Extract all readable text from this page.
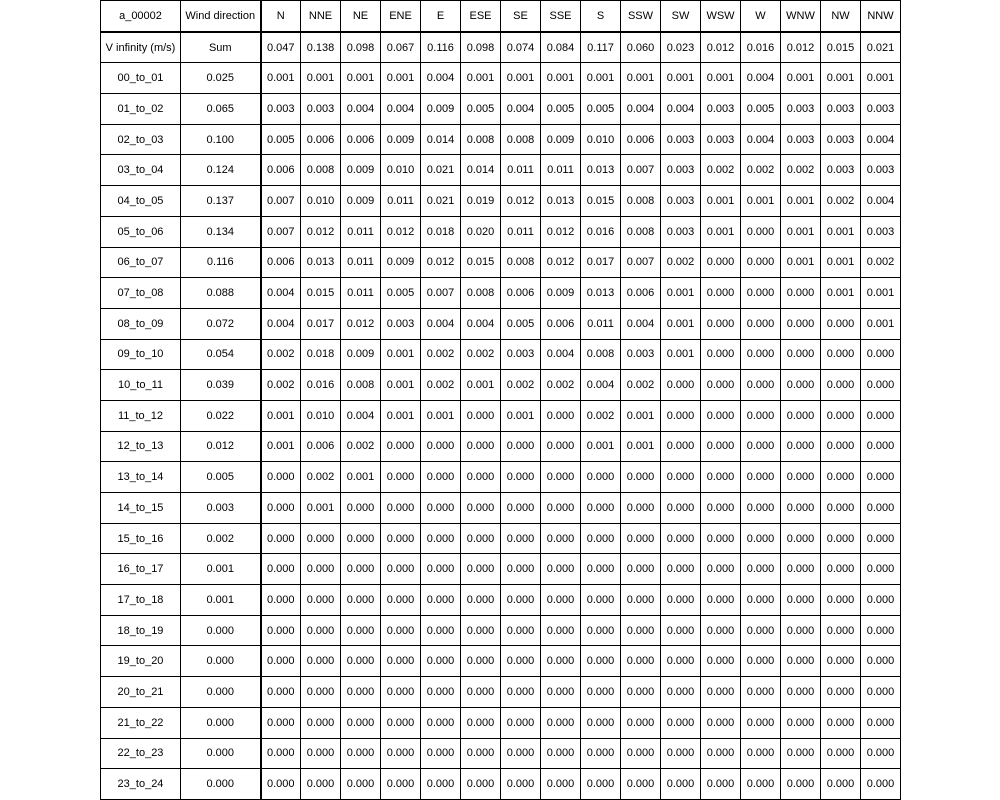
a_00002	Wind direction	N	NNE	NE	ENE	E	ESE	SE	SSE	S	SSW	SW	WSW	W	WNW	NW	NNW
V infinity (m/s)	Sum	0.047	0.138	0.098	0.067	0.116	0.098	0.074	0.084	0.117	0.060	0.023	0.012	0.016	0.012	0.015	0.021
00_to_01	0.025	0.001	0.001	0.001	0.001	0.004	0.001	0.001	0.001	0.001	0.001	0.001	0.001	0.004	0.001	0.001	0.001
01_to_02	0.065	0.003	0.003	0.004	0.004	0.009	0.005	0.004	0.005	0.005	0.004	0.004	0.003	0.005	0.003	0.003	0.003
02_to_03	0.100	0.005	0.006	0.006	0.009	0.014	0.008	0.008	0.009	0.010	0.006	0.003	0.003	0.004	0.003	0.003	0.004
03_to_04	0.124	0.006	0.008	0.009	0.010	0.021	0.014	0.011	0.011	0.013	0.007	0.003	0.002	0.002	0.002	0.003	0.003
04_to_05	0.137	0.007	0.010	0.009	0.011	0.021	0.019	0.012	0.013	0.015	0.008	0.003	0.001	0.001	0.001	0.002	0.004
05_to_06	0.134	0.007	0.012	0.011	0.012	0.018	0.020	0.011	0.012	0.016	0.008	0.003	0.001	0.000	0.001	0.001	0.003
06_to_07	0.116	0.006	0.013	0.011	0.009	0.012	0.015	0.008	0.012	0.017	0.007	0.002	0.000	0.000	0.001	0.001	0.002
07_to_08	0.088	0.004	0.015	0.011	0.005	0.007	0.008	0.006	0.009	0.013	0.006	0.001	0.000	0.000	0.000	0.001	0.001
08_to_09	0.072	0.004	0.017	0.012	0.003	0.004	0.004	0.005	0.006	0.011	0.004	0.001	0.000	0.000	0.000	0.000	0.001
09_to_10	0.054	0.002	0.018	0.009	0.001	0.002	0.002	0.003	0.004	0.008	0.003	0.001	0.000	0.000	0.000	0.000	0.000
10_to_11	0.039	0.002	0.016	0.008	0.001	0.002	0.001	0.002	0.002	0.004	0.002	0.000	0.000	0.000	0.000	0.000	0.000
11_to_12	0.022	0.001	0.010	0.004	0.001	0.001	0.000	0.001	0.000	0.002	0.001	0.000	0.000	0.000	0.000	0.000	0.000
12_to_13	0.012	0.001	0.006	0.002	0.000	0.000	0.000	0.000	0.000	0.001	0.001	0.000	0.000	0.000	0.000	0.000	0.000
13_to_14	0.005	0.000	0.002	0.001	0.000	0.000	0.000	0.000	0.000	0.000	0.000	0.000	0.000	0.000	0.000	0.000	0.000
14_to_15	0.003	0.000	0.001	0.000	0.000	0.000	0.000	0.000	0.000	0.000	0.000	0.000	0.000	0.000	0.000	0.000	0.000
15_to_16	0.002	0.000	0.000	0.000	0.000	0.000	0.000	0.000	0.000	0.000	0.000	0.000	0.000	0.000	0.000	0.000	0.000
16_to_17	0.001	0.000	0.000	0.000	0.000	0.000	0.000	0.000	0.000	0.000	0.000	0.000	0.000	0.000	0.000	0.000	0.000
17_to_18	0.001	0.000	0.000	0.000	0.000	0.000	0.000	0.000	0.000	0.000	0.000	0.000	0.000	0.000	0.000	0.000	0.000
18_to_19	0.000	0.000	0.000	0.000	0.000	0.000	0.000	0.000	0.000	0.000	0.000	0.000	0.000	0.000	0.000	0.000	0.000
19_to_20	0.000	0.000	0.000	0.000	0.000	0.000	0.000	0.000	0.000	0.000	0.000	0.000	0.000	0.000	0.000	0.000	0.000
20_to_21	0.000	0.000	0.000	0.000	0.000	0.000	0.000	0.000	0.000	0.000	0.000	0.000	0.000	0.000	0.000	0.000	0.000
21_to_22	0.000	0.000	0.000	0.000	0.000	0.000	0.000	0.000	0.000	0.000	0.000	0.000	0.000	0.000	0.000	0.000	0.000
22_to_23	0.000	0.000	0.000	0.000	0.000	0.000	0.000	0.000	0.000	0.000	0.000	0.000	0.000	0.000	0.000	0.000	0.000
23_to_24	0.000	0.000	0.000	0.000	0.000	0.000	0.000	0.000	0.000	0.000	0.000	0.000	0.000	0.000	0.000	0.000	0.000
